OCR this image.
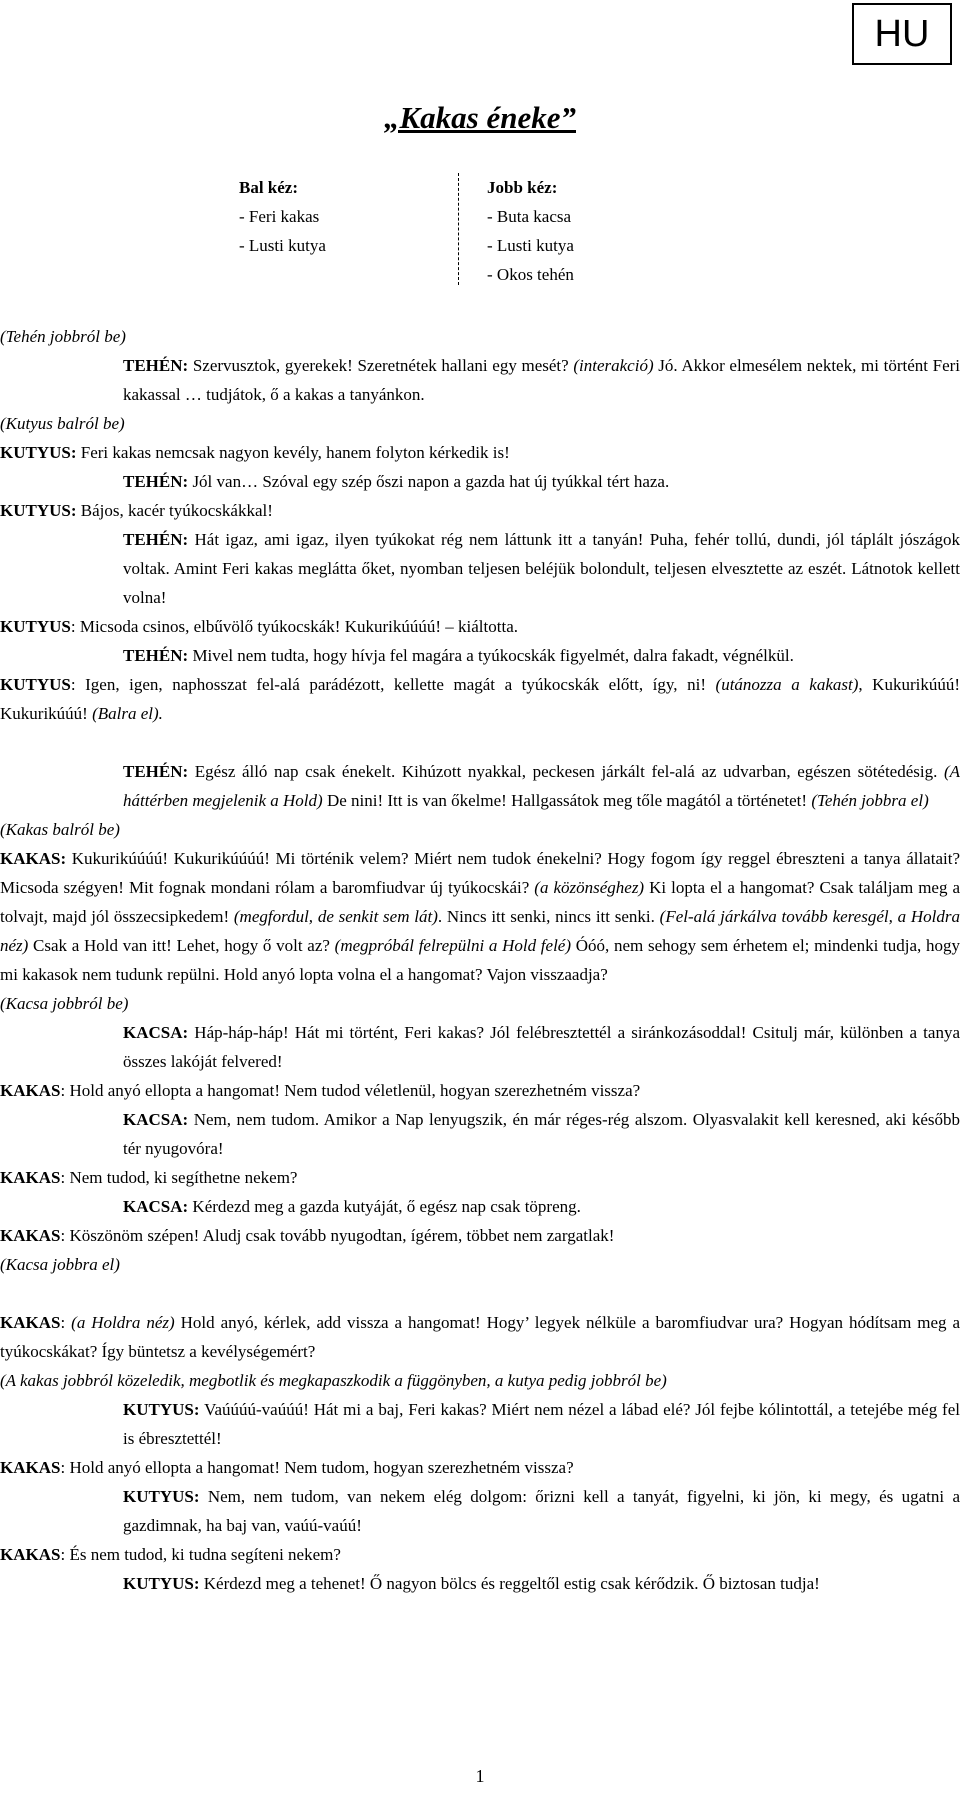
HU
„Kakas éneke”
Bal kéz:
- Feri kakas
- Lusti kutya
Jobb kéz:
- Buta kacsa
- Lusti kutya
- Okos tehén
(Tehén jobbról be)
TEHÉN: Szervusztok, gyerekek! Szeretnétek hallani egy mesét? (interakció) Jó. Akkor elmesélem nektek, mi történt Feri kakassal … tudjátok, ő a kakas a tanyánkon.
(Kutyus balról be)
KUTYUS: Feri kakas nemcsak nagyon kevély, hanem folyton kérkedik is!
TEHÉN: Jól van… Szóval egy szép őszi napon a gazda hat új tyúkkal tért haza.
KUTYUS: Bájos, kacér tyúkocskákkal!
TEHÉN: Hát igaz, ami igaz, ilyen tyúkokat rég nem láttunk itt a tanyán! Puha, fehér tollú, dundi, jól táplált jószágok voltak. Amint Feri kakas meglátta őket, nyomban teljesen beléjük bolondult, teljesen elvesztette az eszét. Látnotok kellett volna!
KUTYUS: Micsoda csinos, elbűvölő tyúkocskák! Kukurikúúúú! – kiáltotta.
TEHÉN: Mivel nem tudta, hogy hívja fel magára a tyúkocskák figyelmét, dalra fakadt, végnélkül.
KUTYUS: Igen, igen, naphosszat fel-alá parádézott, kellette magát a tyúkocskák előtt, így, ni! (utánozza a kakast), Kukurikúúú! Kukurikúúú! (Balra el).
TEHÉN: Egész álló nap csak énekelt. Kihúzott nyakkal, peckesen járkált fel-alá az udvarban, egészen sötétedésig. (A háttérben megjelenik a Hold) De nini! Itt is van őkelme! Hallgassátok meg tőle magától a történetet! (Tehén jobbra el)
(Kakas balról be)
KAKAS: Kukurikúúúú! Kukurikúúúú! Mi történik velem? Miért nem tudok énekelni? Hogy fogom így reggel ébreszteni a tanya állatait? Micsoda szégyen! Mit fognak mondani rólam a baromfiudvar új tyúkocskái? (a közönséghez) Ki lopta el a hangomat? Csak találjam meg a tolvajt, majd jól összecsipkedem! (megfordul, de senkit sem lát). Nincs itt senki, nincs itt senki. (Fel-alá járkálva tovább keresgél, a Holdra néz) Csak a Hold van itt! Lehet, hogy ő volt az? (megpróbál felrepülni a Hold felé) Óóó, nem sehogy sem érhetem el; mindenki tudja, hogy mi kakasok nem tudunk repülni. Hold anyó lopta volna el a hangomat? Vajon visszaadja?
(Kacsa jobbról be)
KACSA: Háp-háp-háp! Hát mi történt, Feri kakas? Jól felébresztettél a siránkozásoddal! Csitulj már, különben a tanya összes lakóját felvered!
KAKAS: Hold anyó ellopta a hangomat! Nem tudod véletlenül, hogyan szerezhetném vissza?
KACSA: Nem, nem tudom. Amikor a Nap lenyugszik, én már réges-rég alszom. Olyasvalakit kell keresned, aki később tér nyugovóra!
KAKAS: Nem tudod, ki segíthetne nekem?
KACSA: Kérdezd meg a gazda kutyáját, ő egész nap csak töpreng.
KAKAS: Köszönöm szépen! Aludj csak tovább nyugodtan, ígérem, többet nem zargatlak!
(Kacsa jobbra el)
KAKAS: (a Holdra néz) Hold anyó, kérlek, add vissza a hangomat! Hogy’ legyek nélküle a baromfiudvar ura? Hogyan hódítsam meg a tyúkocskákat? Így büntetsz a kevélységemért?
(A kakas jobbról közeledik, megbotlik és megkapaszkodik a függönyben, a kutya pedig jobbról be)
KUTYUS: Vaúúúú-vaúúú! Hát mi a baj, Feri kakas? Miért nem nézel a lábad elé? Jól fejbe kólintottál, a tetejébe még fel is ébresztettél!
KAKAS: Hold anyó ellopta a hangomat! Nem tudom, hogyan szerezhetném vissza?
KUTYUS: Nem, nem tudom, van nekem elég dolgom: őrizni kell a tanyát, figyelni, ki jön, ki megy, és ugatni a gazdimnak, ha baj van, vaúú-vaúú!
KAKAS: És nem tudod, ki tudna segíteni nekem?
KUTYUS: Kérdezd meg a tehenet! Ő nagyon bölcs és reggeltől estig csak kérődzik. Ő biztosan tudja!
1
